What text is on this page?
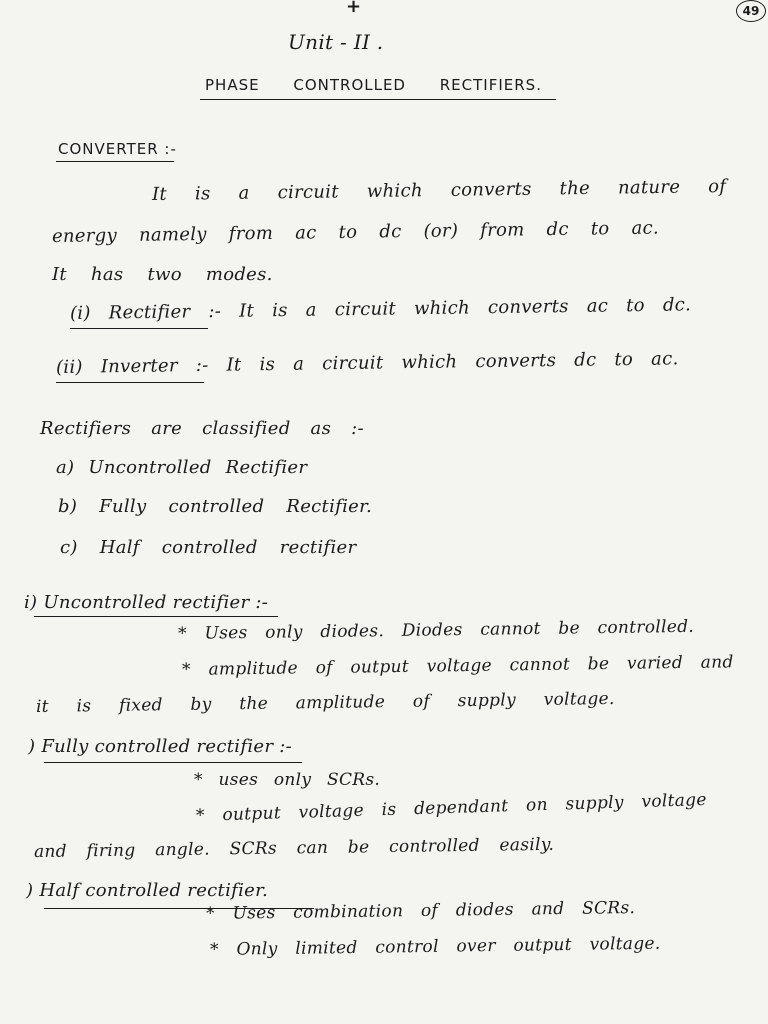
+	49
Unit - II .
PHASE CONTROLLED RECTIFIERS.
CONVERTER :-
It is a circuit which converts the nature of
energy namely from ac to dc (or) from dc to ac.
It has two modes.
(i) Rectifier :- It is a circuit which converts ac to dc.
(ii) Inverter :- It is a circuit which converts dc to ac.
Rectifiers are classified as :-
a) Uncontrolled Rectifier
b) Fully controlled Rectifier.
c) Half controlled rectifier
i) Uncontrolled rectifier :-
* Uses only diodes. Diodes cannot be controlled.
* amplitude of output voltage cannot be varied and
it is fixed by the amplitude of supply voltage.
) Fully controlled rectifier :-
* uses only SCRs.
* output voltage is dependant on supply voltage
and firing angle. SCRs can be controlled easily.
) Half controlled rectifier.
* Uses combination of diodes and SCRs.
* Only limited control over output voltage.
